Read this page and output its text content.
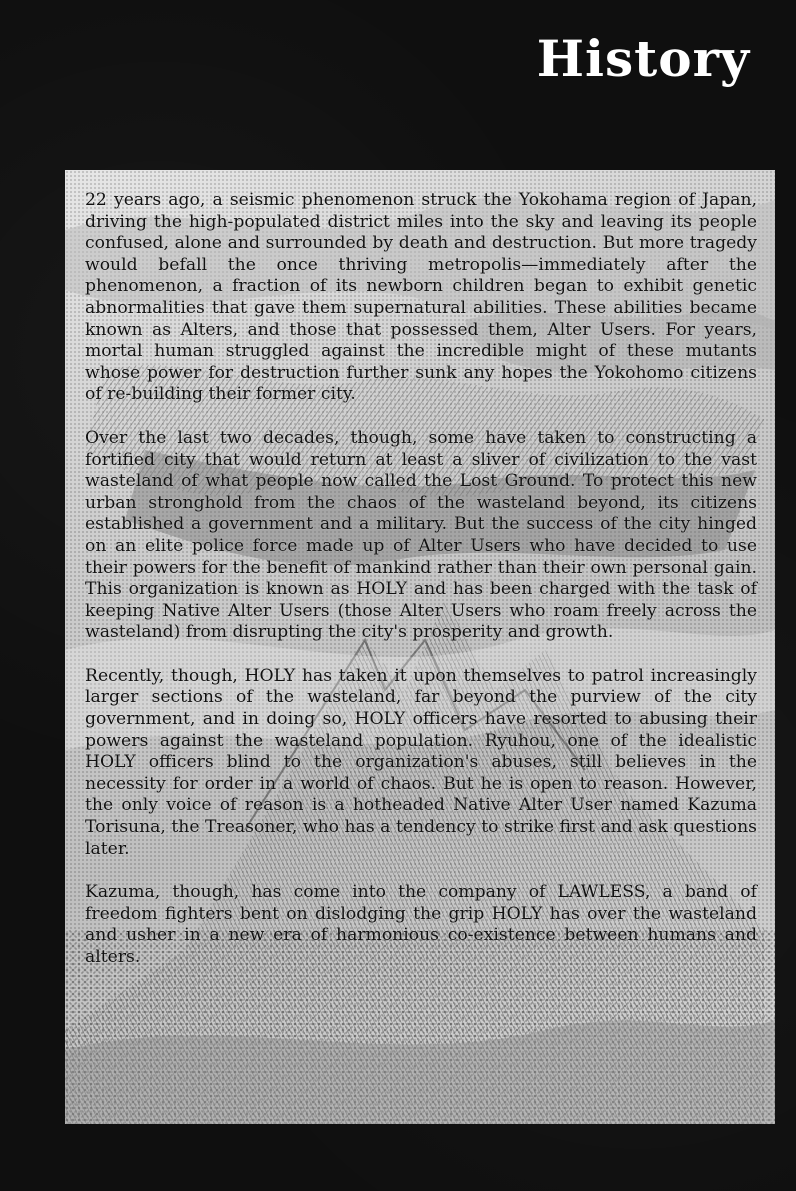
History

22 years ago, a seismic phenomenon struck the Yokohama region of Japan, driving the high-populated district miles into the sky and leaving its people confused, alone and surrounded by death and destruction. But more tragedy would befall the once thriving metropolis—immediately after the phenomenon, a fraction of its newborn children began to exhibit genetic abnormalities that gave them supernatural abilities. These abilities became known as Alters, and those that possessed them, Alter Users. For years, mortal human struggled against the incredible might of these mutants whose power for destruction further sunk any hopes the Yokohomo citizens of re-building their former city.

Over the last two decades, though, some have taken to constructing a fortified city that would return at least a sliver of civilization to the vast wasteland of what people now called the Lost Ground. To protect this new urban stronghold from the chaos of the wasteland beyond, its citizens established a government and a military. But the success of the city hinged on an elite police force made up of Alter Users who have decided to use their powers for the benefit of mankind rather than their own personal gain. This organization is known as HOLY and has been charged with the task of keeping Native Alter Users (those Alter Users who roam freely across the wasteland) from disrupting the city's prosperity and growth.

Recently, though, HOLY has taken it upon themselves to patrol increasingly larger sections of the wasteland, far beyond the purview of the city government, and in doing so, HOLY officers have resorted to abusing their powers against the wasteland population. Ryuhou, one of the idealistic HOLY officers blind to the organization's abuses, still believes in the necessity for order in a world of chaos. But he is open to reason. However, the only voice of reason is a hotheaded Native Alter User named Kazuma Torisuna, the Treasoner, who has a tendency to strike first and ask questions later.

Kazuma, though, has come into the company of LAWLESS, a band of freedom fighters bent on dislodging the grip HOLY has over the wasteland and usher in a new era of harmonious co-existence between humans and alters.
